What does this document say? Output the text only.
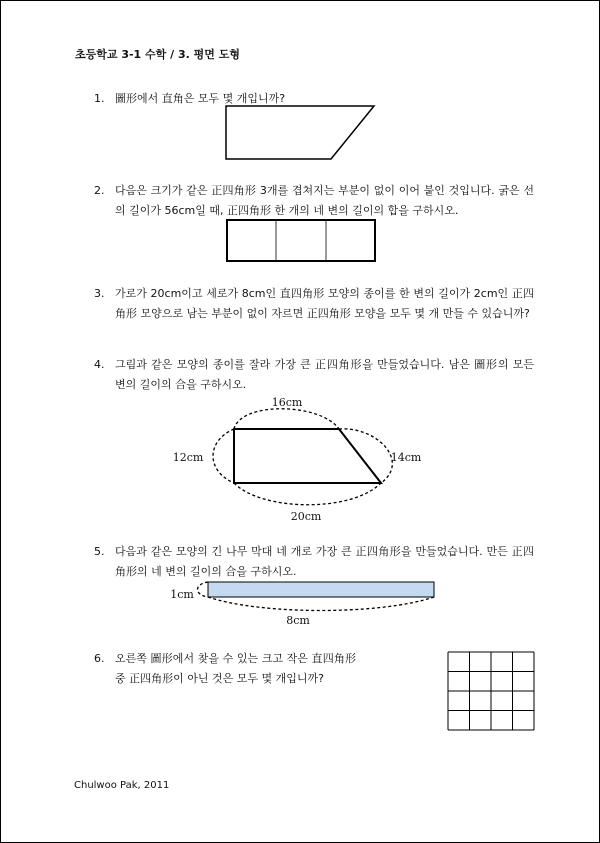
초등학교 3-1 수학 / 3. 평면 도형
1. 圖形에서 直角은 모두 몇 개입니까?
2. 다음은 크기가 같은 正四角形 3개를 겹쳐지는 부분이 없이 이어 붙인 것입니다. 굵은 선의 길이가 56cm일 때, 正四角形 한 개의 네 변의 길이의 합을 구하시오.
3. 가로가 20cm이고 세로가 8cm인 直四角形 모양의 종이를 한 변의 길이가 2cm인 正四角形 모양으로 남는 부분이 없이 자르면 正四角形 모양을 모두 몇 개 만들 수 있습니까?
4. 그림과 같은 모양의 종이를 잘라 가장 큰 正四角形을 만들었습니다. 남은 圖形의 모든 변의 길이의 合을 구하시오.
16cm
12cm	14cm
20cm
5. 다음과 같은 모양의 긴 나무 막대 네 개로 가장 큰 正四角形을 만들었습니다. 만든 正四角形의 네 변의 길이의 合을 구하시오.
1cm
8cm
6. 오른쪽 圖形에서 찾을 수 있는 크고 작은 直四角形 중 正四角形이 아닌 것은 모두 몇 개입니까?
Chulwoo Pak, 2011
